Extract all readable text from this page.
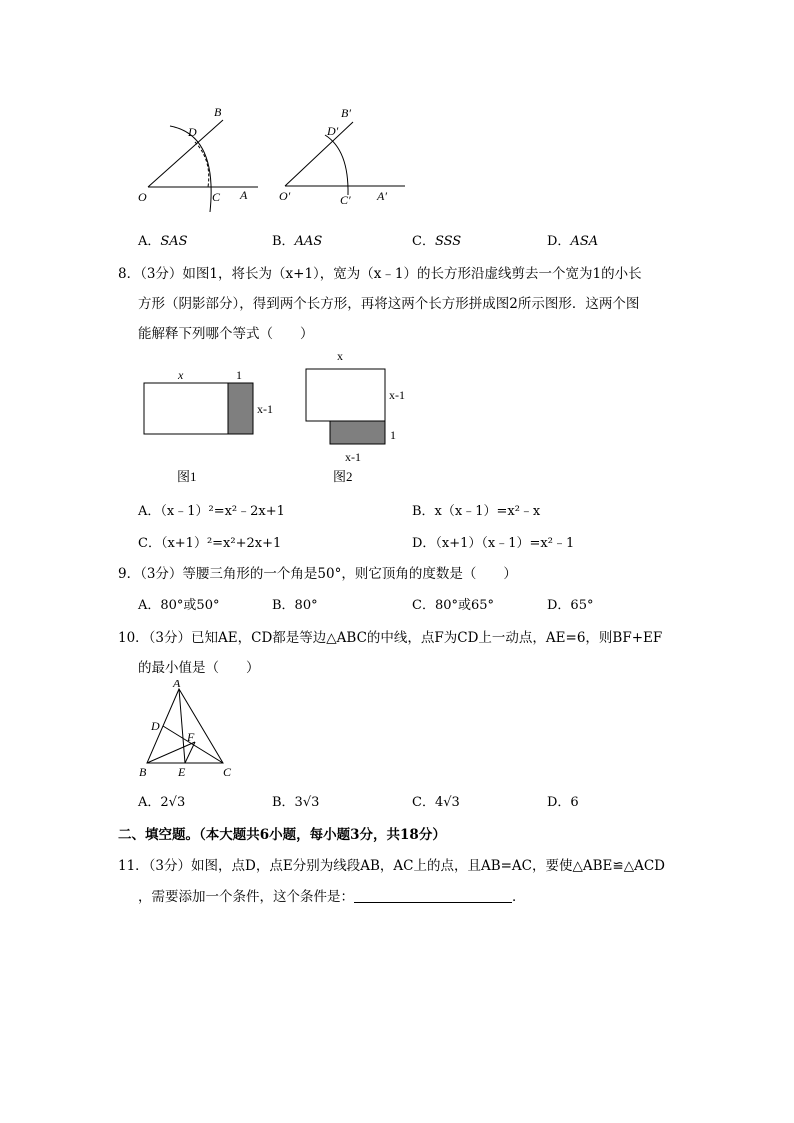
B
D
O	C A
B′
D′
O′	C′ A′
A．SAS	B．AAS	C．SSS	D．ASA
8．（3分）如图1，将长为（x+1），宽为（x﹣1）的长方形沿虚线剪去一个宽为1的小长
方形（阴影部分），得到两个长方形，再将这两个长方形拼成图2所示图形．这两个图
能解释下列哪个等式（　　）
x	1
x-1
图1
x
x-1
1
x-1
图2
A．（x﹣1）²=x²﹣2x+1	B．x（x﹣1）=x²﹣x
C．（x+1）²=x²+2x+1	D．（x+1）（x﹣1）=x²﹣1
9．（3分）等腰三角形的一个角是50°，则它顶角的度数是（　　）
A．80°或50°	B．80°	C．80°或65°	D．65°
10．（3分）已知AE，CD都是等边△ABC的中线，点F为CD上一动点，AE=6，则BF+EF
的最小值是（　　）
A
D
F
B	E	C
A．2√3	B．3√3	C．4√3	D．6
二、填空题。（本大题共6小题，每小题3分，共18分）
11．（3分）如图，点D，点E分别为线段AB，AC上的点，且AB=AC，要使△ABE≌△ACD
，需要添加一个条件，这个条件是：	．
